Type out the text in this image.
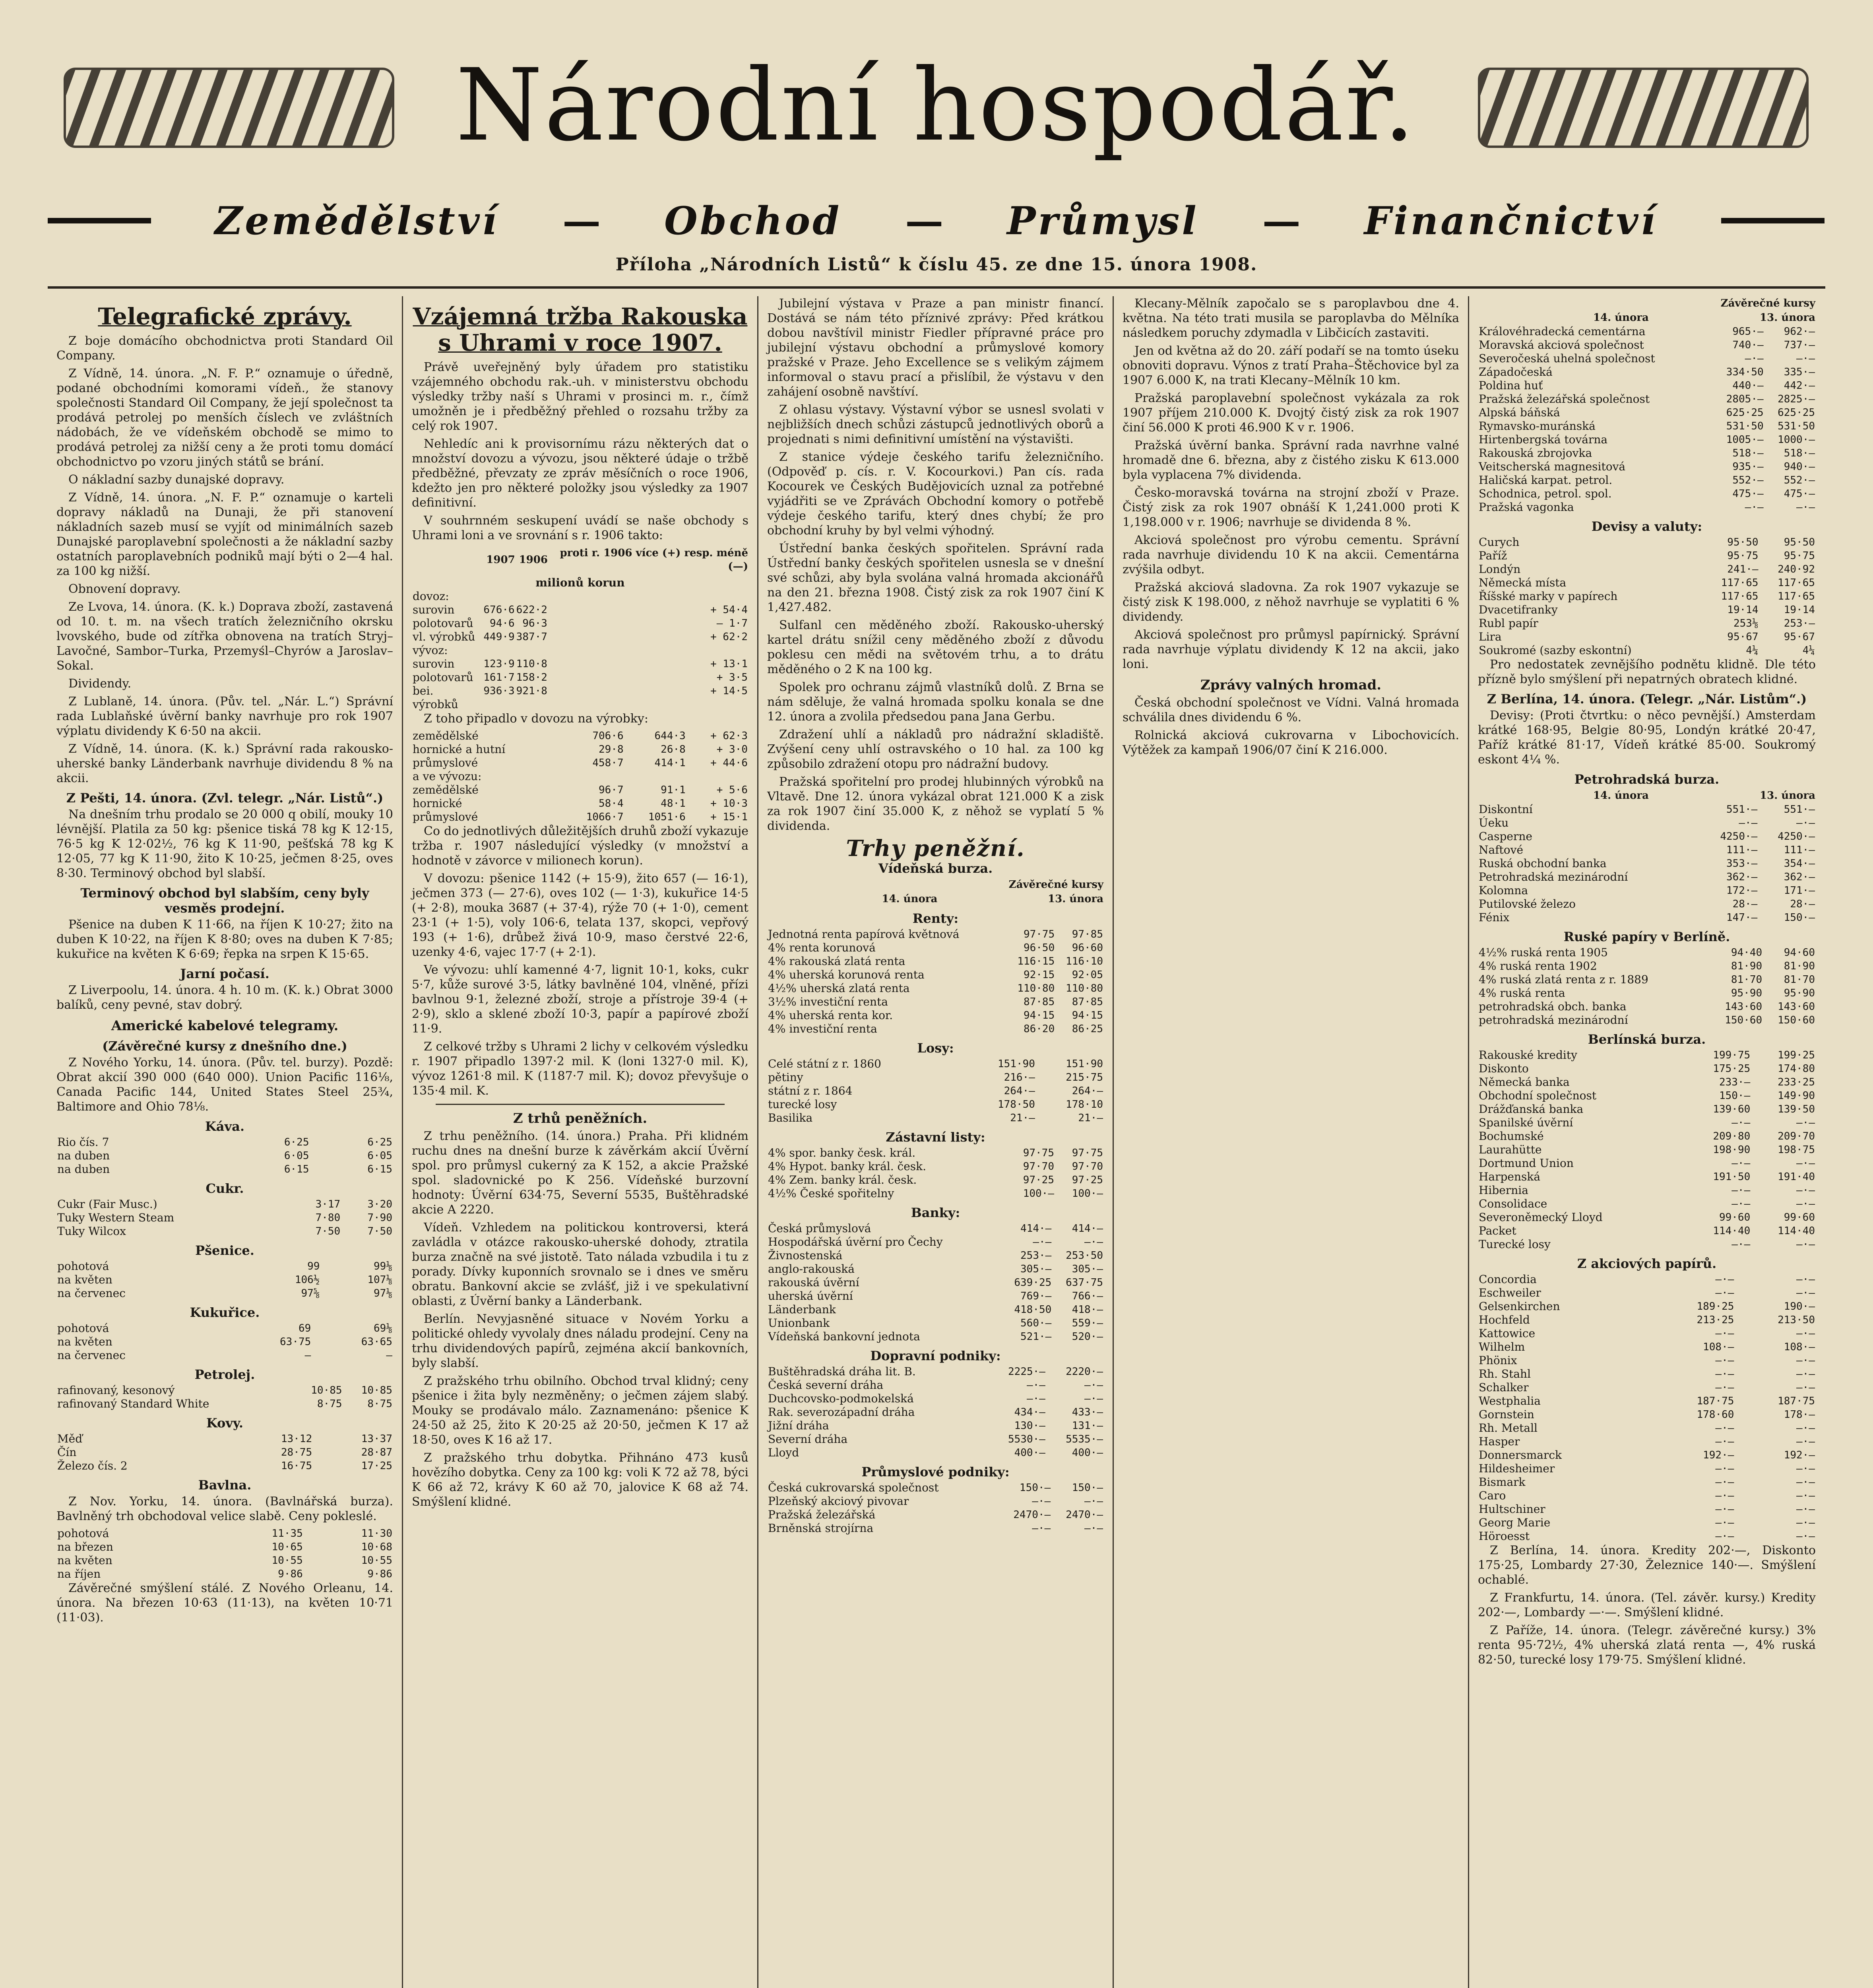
Národní hospodář.
Zemědělství — Obchod — Průmysl — Finančnictví
Příloha „Národních Listů“ k číslu 45. ze dne 15. února 1908.
Telegrafické zprávy.

Z boje domácího obchodnictva proti Standard Oil Company.

Z Vídně, 14. února. „N. F. P.“ oznamuje o úředně, podané obchodními komorami vídeň., že stanovy společnosti Standard Oil Company, že její společnost ta prodává petrolej po menších číslech ve zvláštních nádobách, že ve vídeňském obchodě se mimo to prodává petrolej za nižší ceny a že proti tomu domácí obchodnictvo po vzoru jiných států se brání.

O nákladní sazby dunajské dopravy.

Z Vídně, 14. února. „N. F. P.“ oznamuje o karteli dopravy nákladů na Dunaji, že při stanovení nákladních sazeb musí se vyjít od minimálních sazeb Dunajské paroplavební společnosti a že nákladní sazby ostatních paroplavebních podniků mají býti o 2—4 hal. za 100 kg nižší.

Obnovení dopravy.

Ze Lvova, 14. února. (K. k.) Doprava zboží, zastavená od 10. t. m. na všech tratích železničního okrsku lvovského, bude od zítřka obnovena na tratích Stryj–Lavočné, Sambor–Turka, Przemyśl–Chyrów a Jaroslav–Sokal.

Dividendy.

Z Lublaně, 14. února. (Pův. tel. „Nár. L.“) Správní rada Lublaňské úvěrní banky navrhuje pro rok 1907 výplatu dividendy K 6·50 na akcii.

Z Vídně, 14. února. (K. k.) Správní rada rakousko-uherské banky Länderbank navrhuje dividendu 8 % na akcii.

Z Pešti, 14. února. (Zvl. telegr. „Nár. Listů“.)

Na dnešním trhu prodalo se 20 000 q obilí, mouky 10 lévnější. Platila za 50 kg: pšenice tiská 78 kg K 12·15, 76·5 kg K 12·02½, 76 kg K 11·90, pešťská 78 kg K 12·05, 77 kg K 11·90, žito K 10·25, ječmen 8·25, oves 8·30. Terminový obchod byl slabší.

Terminový obchod byl slabším, ceny byly vesměs prodejní.

Pšenice na duben K 11·66, na říjen K 10·27; žito na duben K 10·22, na říjen K 8·80; oves na duben K 7·85; kukuřice na květen K 6·69; řepka na srpen K 15·65.

Jarní počasí.

Z Liverpoolu, 14. února. 4 h. 10 m. (K. k.) Obrat 3000 balíků, ceny pevné, stav dobrý.

Americké kabelové telegramy.
(Závěrečné kursy z dnešního dne.)

Z Nového Yorku, 14. února. (Pův. tel. burzy). Pozdě: Obrat akcií 390 000 (640 000). Union Pacific 116⅛, Canada Pacific 144, United States Steel 25¾, Baltimore and Ohio 78⅛.

Káva.
Rio čís. 7	6·25	6·25
na duben	6·05	6·05
na duben	6·15	6·15
Cukr.
Cukr (Fair Musc.)	3·17	3·20
Tuky Western Steam	7·80	7·90
Tuky Wilcox	7·50	7·50
Pšenice.
pohotová	99	99⅛
na květen	106½	107⅛
na červenec	97⅝	97⅛
Kukuřice.
pohotová	69	69⅛
na květen	63·75	63·65
na červenec	—	—
Petrolej.
rafinovaný, kesonový	10·85	10·85
rafinovaný Standard White	8·75	8·75
Kovy.
Měď	13·12	13·37
Čín	28·75	28·87
Železo čís. 2	16·75	17·25
Bavlna.

Z Nov. Yorku, 14. února. (Bavlnářská burza). Bavlněný trh obchodoval velice slabě. Ceny pokleslé.

pohotová	11·35	11·30
na březen	10·65	10·68
na květen	10·55	10·55
na říjen	9·86	9·86

Závěrečné smýšlení stálé. Z Nového Orleanu, 14. února. Na březen 10·63 (11·13), na květen 10·71 (11·03).

Vzájemná tržba Rakouska s Uhrami v roce 1907.

Právě uveřejněný byly úřadem pro statistiku vzájemného obchodu rak.-uh. v ministerstvu obchodu výsledky tržby naší s Uhrami v prosinci m. r., čímž umožněn je i předběžný přehled o rozsahu tržby za celý rok 1907.

Nehledíc ani k provisornímu rázu některých dat o množství dovozu a vývozu, jsou některé údaje o tržbě předběžné, převzaty ze zpráv měsíčních o roce 1906, kdežto jen pro některé položky jsou výsledky za 1907 definitivní.

V souhrnném seskupení uvádí se naše obchody s Uhrami loni a ve srovnání s r. 1906 takto:

	1907	1906	proti r. 1906 více (+) resp. méně (—)
milionů korun			
dovoz:			
surovin	676·6	622·2	+ 54·4
polotovarů	94·6	96·3	— 1·7
vl. výrobků	449·9	387·7	+ 62·2
vývoz:			
surovin	123·9	110·8	+ 13·1
polotovarů	161·7	158·2	+ 3·5
bei. výrobků	936·3	921·8	+ 14·5

Z toho připadlo v dovozu na výrobky:

zemědělské	706·6	644·3	+ 62·3
hornické a hutní	29·8	26·8	+ 3·0
průmyslové	458·7	414·1	+ 44·6
a ve vývozu:			
zemědělské	96·7	91·1	+ 5·6
hornické	58·4	48·1	+ 10·3
průmyslové	1066·7	1051·6	+ 15·1

Co do jednotlivých důležitějších druhů zboží vykazuje tržba r. 1907 následující výsledky (v množství a hodnotě v závorce v milionech korun).

V dovozu: pšenice 1142 (+ 15·9), žito 657 (— 16·1), ječmen 373 (— 27·6), oves 102 (— 1·3), kukuřice 14·5 (+ 2·8), mouka 3687 (+ 37·4), rýže 70 (+ 1·0), cement 23·1 (+ 1·5), voly 106·6, telata 137, skopci, vepřový 193 (+ 1·6), drůbež živá 10·9, maso čerstvé 22·6, uzenky 4·6, vajec 17·7 (+ 2·1).

Ve vývozu: uhlí kamenné 4·7, lignit 10·1, koks, cukr 5·7, kůže surové 3·5, látky bavlněné 104, vlněné, přízi bavlnou 9·1, železné zboží, stroje a přístroje 39·4 (+ 2·9), sklo a sklené zboží 10·3, papír a papírové zboží 11·9.

Z celkové tržby s Uhrami 2 lichy v celkovém výsledku r. 1907 připadlo 1397·2 mil. K (loni 1327·0 mil. K), vývoz 1261·8 mil. K (1187·7 mil. K); dovoz převyšuje o 135·4 mil. K.

Z trhů peněžních.

Z trhu peněžního. (14. února.) Praha. Při klidném ruchu dnes na dnešní burze k závěrkám akcií Úvěrní spol. pro průmysl cukerný za K 152, a akcie Pražské spol. sladovnické po K 256. Vídeňské burzovní hodnoty: Úvěrní 634·75, Severní 5535, Buštěhradské akcie A 2220.

Vídeň. Vzhledem na politickou kontroversi, která zavládla v otázce rakousko-uherské dohody, ztratila burza značně na své jistotě. Tato nálada vzbudila i tu z porady. Dívky kuponních srovnalo se i dnes ve směru obratu. Bankovní akcie se zvlášť, již i ve spekulativní oblasti, z Úvěrní banky a Länderbank.

Berlín. Nevyjasněné situace v Novém Yorku a politické ohledy vyvolaly dnes náladu prodejní. Ceny na trhu dividendových papírů, zejména akcií bankovních, byly slabší.

Z pražského trhu obilního. Obchod trval klidný; ceny pšenice i žita byly nezměněny; o ječmen zájem slabý. Mouky se prodávalo málo. Zaznamenáno: pšenice K 24·50 až 25, žito K 20·25 až 20·50, ječmen K 17 až 18·50, oves K 16 až 17.

Z pražského trhu dobytka. Přihnáno 473 kusů hovězího dobytka. Ceny za 100 kg: voli K 72 až 78, býci K 66 až 72, krávy K 60 až 70, jalovice K 68 až 74. Smýšlení klidné.

Jubilejní výstava v Praze a pan ministr financí. Dostává se nám této příznivé zprávy: Před krátkou dobou navštívil ministr Fiedler přípravné práce pro jubilejní výstavu obchodní a průmyslové komory pražské v Praze. Jeho Excellence se s velikým zájmem informoval o stavu prací a přislíbil, že výstavu v den zahájení osobně navštíví.

Z ohlasu výstavy. Výstavní výbor se usnesl svolati v nejbližších dnech schůzi zástupců jednotlivých oborů a projednati s nimi definitivní umístění na výstavišti.

Z stanice výdeje českého tarifu železničního. (Odpověď p. cís. r. V. Kocourkovi.) Pan cís. rada Kocourek ve Českých Budějovicích uznal za potřebné vyjádřiti se ve Zprávách Obchodní komory o potřebě výdeje českého tarifu, který dnes chybí; že pro obchodní kruhy by byl velmi výhodný.

Ústřední banka českých spořitelen. Správní rada Ústřední banky českých spořitelen usnesla se v dnešní své schůzi, aby byla svolána valná hromada akcionářů na den 21. března 1908. Čistý zisk za rok 1907 činí K 1,427.482.

Sulfanl cen měděného zboží. Rakousko-uherský kartel drátu snížil ceny měděného zboží z důvodu poklesu cen mědi na světovém trhu, a to drátu měděného o 2 K na 100 kg.

Spolek pro ochranu zájmů vlastníků dolů. Z Brna se nám sděluje, že valná hromada spolku konala se dne 12. února a zvolila předsedou pana Jana Gerbu.

Zdražení uhlí a nákladů pro nádražní skladiště. Zvýšení ceny uhlí ostravského o 10 hal. za 100 kg způsobilo zdražení otopu pro nádražní budovy.

Pražská spořitelní pro prodej hlubinných výrobků na Vltavě. Dne 12. února vykázal obrat 121.000 K a zisk za rok 1907 činí 35.000 K, z něhož se vyplatí 5 % dividenda.

Trhy peněžní.
Vídeňská burza.
	Závěrečné kursy	
	14. února	13. února
Renty:
Jednotná renta papírová květnová	97·75	97·85
4% renta korunová	96·50	96·60
4% rakouská zlatá renta	116·15	116·10
4% uherská korunová renta	92·15	92·05
4½% uherská zlatá renta	110·80	110·80
3½% investiční renta	87·85	87·85
4% uherská renta kor.	94·15	94·15
4% investiční renta	86·20	86·25
Losy:
Celé státní z r. 1860	151·90	151·90
pětiny	216·—	215·75
státní z r. 1864	264·—	264·—
turecké losy	178·50	178·10
Basilika	21·—	21·—
Zástavní listy:
4% spor. banky česk. král.	97·75	97·75
4% Hypot. banky král. česk.	97·70	97·70
4% Zem. banky král. česk.	97·25	97·25
4½% České spořitelny	100·—	100·—
Banky:
Česká průmyslová	414·—	414·—
Hospodářská úvěrní pro Čechy	—·—	—·—
Živnostenská	253·—	253·50
anglo-rakouská	305·—	305·—
rakouská úvěrní	639·25	637·75
uherská úvěrní	769·—	766·—
Länderbank	418·50	418·—
Unionbank	560·—	559·—
Vídeňská bankovní jednota	521·—	520·—
Dopravní podniky:
Buštěhradská dráha lit. B.	2225·—	2220·—
Česká severní dráha	—·—	—·—
Duchcovsko-podmokelská	—·—	—·—
Rak. severozápadní dráha	434·—	433·—
Jižní dráha	130·—	131·—
Severní dráha	5530·—	5535·—
Lloyd	400·—	400·—
Průmyslové podniky:
Česká cukrovarská společnost	150·—	150·—
Plzeňský akciový pivovar	—·—	—·—
Pražská železářská	2470·—	2470·—
Brněnská strojírna	—·—	—·—

Klecany-Mělník započalo se s paroplavbou dne 4. května. Na této trati musila se paroplavba do Mělníka následkem poruchy zdymadla v Libčicích zastaviti.

Jen od května až do 20. září podaří se na tomto úseku obnoviti dopravu. Výnos z tratí Praha–Štěchovice byl za 1907 6.000 K, na trati Klecany–Mělník 10 km.

Pražská paroplavební společnost vykázala za rok 1907 příjem 210.000 K. Dvojtý čistý zisk za rok 1907 činí 56.000 K proti 46.900 K v r. 1906.

Pražská úvěrní banka. Správní rada navrhne valné hromadě dne 6. března, aby z čistého zisku K 613.000 byla vyplacena 7% dividenda.

Česko-moravská továrna na strojní zboží v Praze. Čistý zisk za rok 1907 obnáší K 1,241.000 proti K 1,198.000 v r. 1906; navrhuje se dividenda 8 %.

Akciová společnost pro výrobu cementu. Správní rada navrhuje dividendu 10 K na akcii. Cementárna zvýšila odbyt.

Pražská akciová sladovna. Za rok 1907 vykazuje se čistý zisk K 198.000, z něhož navrhuje se vyplatiti 6 % dividendy.

Akciová společnost pro průmysl papírnický. Správní rada navrhuje výplatu dividendy K 12 na akcii, jako loni.

Zprávy valných hromad.

Česká obchodní společnost ve Vídni. Valná hromada schválila dnes dividendu 6 %.

Rolnická akciová cukrovarna v Libochovicích. Výtěžek za kampaň 1906/07 činí K 216.000.

	Závěrečné kursy	
	14. února	13. února
Královéhradecká cementárna	965·—	962·—
Moravská akciová společnost	740·—	737·—
Severočeská uhelná společnost	—·—	—·—
Západočeská	334·50	335·—
Poldina huť	440·—	442·—
Pražská železářská společnost	2805·—	2825·—
Alpská báňská	625·25	625·25
Rymavsko-muránská	531·50	531·50
Hirtenbergská továrna	1005·—	1000·—
Rakouská zbrojovka	518·—	518·—
Veitscherská magnesitová	935·—	940·—
Haličská karpat. petrol.	552·—	552·—
Schodnica, petrol. spol.	475·—	475·—
Pražská vagonka	—·—	—·—
Devisy a valuty:
Curych	95·50	95·50
Paříž	95·75	95·75
Londýn	241·—	240·92
Německá místa	117·65	117·65
Říšské marky v papírech	117·65	117·65
Dvacetifranky	19·14	19·14
Rubl papír	253⅛	253·—
Lira	95·67	95·67
Soukromé (sazby eskontní)	4¼	4¼

Pro nedostatek zevnějšího podnětu klidně. Dle této přízně bylo smýšlení při nepatrných obratech klidné.

Z Berlína, 14. února. (Telegr. „Nár. Listům“.)

Devisy: (Proti čtvrtku: o něco pevnější.) Amsterdam krátké 168·95, Belgie 80·95, Londýn krátké 20·47, Paříž krátké 81·17, Vídeň krátké 85·00. Soukromý eskont 4¼ %.

Petrohradská burza.
	14. února	13. února
Diskontní	551·—	551·—
Úeku	—·—	—·—
Casperne	4250·—	4250·—
Naftové	111·—	111·—
Ruská obchodní banka	353·—	354·—
Petrohradská mezinárodní	362·—	362·—
Kolomna	172·—	171·—
Putilovské železo	28·—	28·—
Fénix	147·—	150·—
Ruské papíry v Berlíně.
4½% ruská renta 1905	94·40	94·60
4% ruská renta 1902	81·90	81·90
4% ruská zlatá renta z r. 1889	81·70	81·70
4% ruská renta	95·90	95·90
petrohradská obch. banka	143·60	143·60
petrohradská mezinárodní	150·60	150·60
Berlínská burza.
Rakouské kredity	199·75	199·25
Diskonto	175·25	174·80
Německá banka	233·—	233·25
Obchodní společnost	150·—	149·90
Drážďanská banka	139·60	139·50
Spanilské úvěrní	—·—	—·—
Bochumské	209·80	209·70
Laurahütte	198·90	198·75
Dortmund Union	—·—	—·—
Harpenská	191·50	191·40
Hibernia	—·—	—·—
Consolidace	—·—	—·—
Severoněmecký Lloyd	99·60	99·60
Packet	114·40	114·40
Turecké losy	—·—	—·—
Z akciových papírů.
Concordia	—·—	—·—
Eschweiler	—·—	—·—
Gelsenkirchen	189·25	190·—
Hochfeld	213·25	213·50
Kattowice	—·—	—·—
Wilhelm	108·—	108·—
Phönix	—·—	—·—
Rh. Stahl	—·—	—·—
Schalker	—·—	—·—
Westphalia	187·75	187·75
Gornstein	178·60	178·—
Rh. Metall	—·—	—·—
Hasper	—·—	—·—
Donnersmarck	192·—	192·—
Hildesheimer	—·—	—·—
Bismark	—·—	—·—
Caro	—·—	—·—
Hultschiner	—·—	—·—
Georg Marie	—·—	—·—
Höroesst	—·—	—·—

Z Berlína, 14. února. Kredity 202·—, Diskonto 175·25, Lombardy 27·30, Železnice 140·—. Smýšlení ochablé.

Z Frankfurtu, 14. února. (Tel. závěr. kursy.) Kredity 202·—, Lombardy —·—. Smýšlení klidné.

Z Paříže, 14. února. (Telegr. závěrečné kursy.) 3% renta 95·72½, 4% uherská zlatá renta —, 4% ruská 82·50, turecké losy 179·75. Smýšlení klidné.
